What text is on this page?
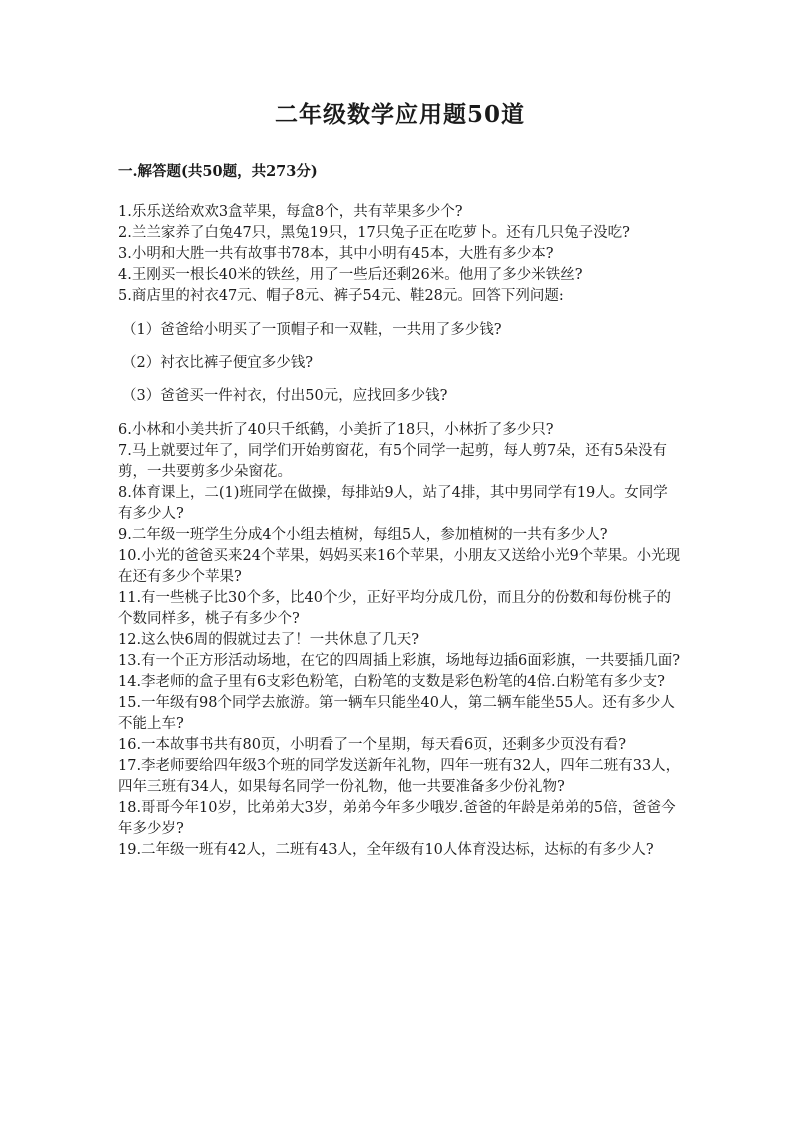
二年级数学应用题50道
一.解答题(共50题，共273分)

1.乐乐送给欢欢3盒苹果，每盒8个，共有苹果多少个?

2.兰兰家养了白兔47只，黑兔19只，17只兔子正在吃萝卜。还有几只兔子没吃?

3.小明和大胜一共有故事书78本，其中小明有45本，大胜有多少本?

4.王刚买一根长40米的铁丝，用了一些后还剩26米。他用了多少米铁丝?

5.商店里的衬衣47元、帽子8元、裤子54元、鞋28元。回答下列问题:

（1）爸爸给小明买了一顶帽子和一双鞋，一共用了多少钱?

（2）衬衣比裤子便宜多少钱?

（3）爸爸买一件衬衣，付出50元，应找回多少钱?

6.小林和小美共折了40只千纸鹤，小美折了18只，小林折了多少只?

7.马上就要过年了，同学们开始剪窗花，有5个同学一起剪，每人剪7朵，还有5朵没有剪，一共要剪多少朵窗花。

8.体育课上，二(1)班同学在做操，每排站9人，站了4排，其中男同学有19人。女同学有多少人?

9.二年级一班学生分成4个小组去植树，每组5人，参加植树的一共有多少人?

10.小光的爸爸买来24个苹果，妈妈买来16个苹果，小朋友又送给小光9个苹果。小光现在还有多少个苹果?

11.有一些桃子比30个多，比40个少，正好平均分成几份，而且分的份数和每份桃子的个数同样多，桃子有多少个?

12.这么快6周的假就过去了！一共休息了几天?

13.有一个正方形活动场地，在它的四周插上彩旗，场地每边插6面彩旗，一共要插几面?

14.李老师的盒子里有6支彩色粉笔，白粉笔的支数是彩色粉笔的4倍.白粉笔有多少支?

15.一年级有98个同学去旅游。第一辆车只能坐40人，第二辆车能坐55人。还有多少人不能上车?

16.一本故事书共有80页，小明看了一个星期，每天看6页，还剩多少页没有看?

17.李老师要给四年级3个班的同学发送新年礼物，四年一班有32人，四年二班有33人，四年三班有34人，如果每名同学一份礼物，他一共要准备多少份礼物?

18.哥哥今年10岁，比弟弟大3岁，弟弟今年多少哦岁.爸爸的年龄是弟弟的5倍，爸爸今年多少岁?

19.二年级一班有42人，二班有43人，全年级有10人体育没达标，达标的有多少人?
